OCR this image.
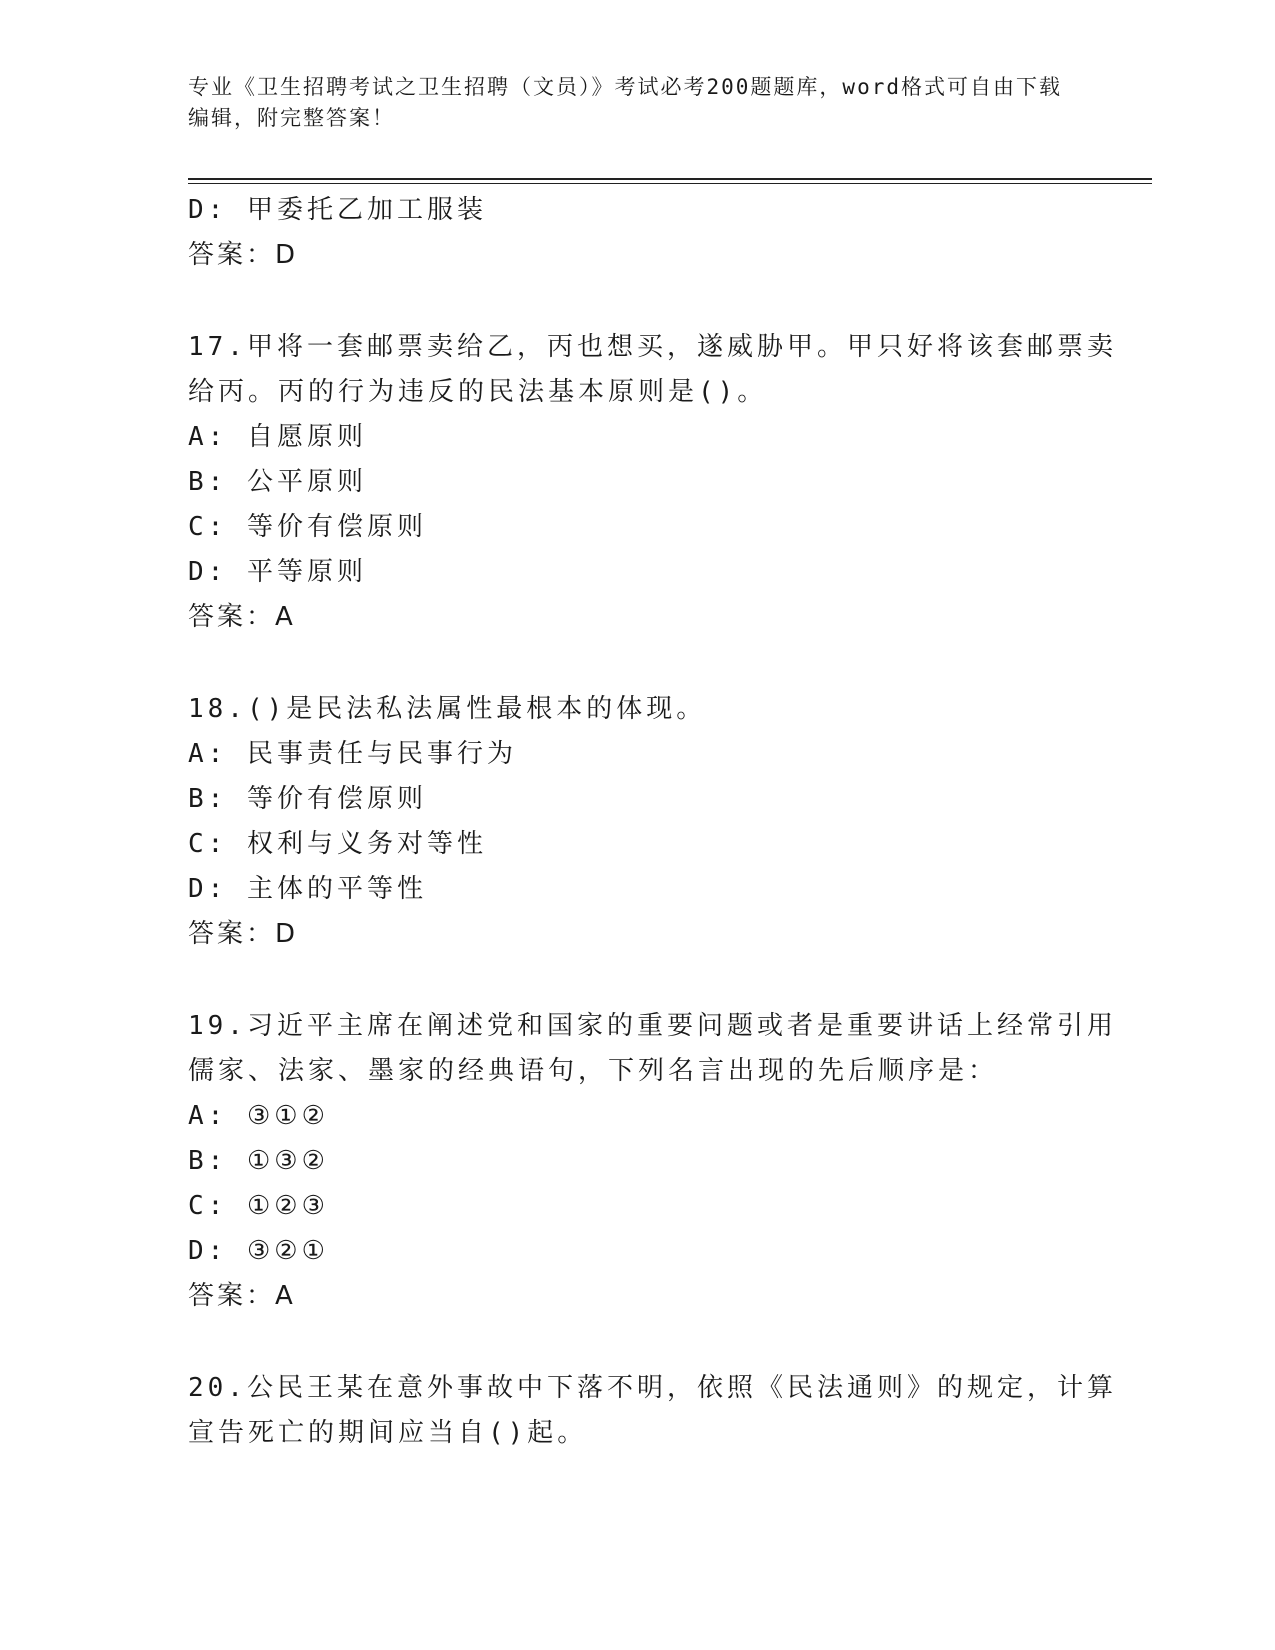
专业《卫生招聘考试之卫生招聘（文员）》考试必考200题题库，word格式可自由下载编辑，附完整答案！
D: 甲委托乙加工服装
答案：D
17.甲将一套邮票卖给乙，丙也想买，遂威胁甲。甲只好将该套邮票卖
给丙。丙的行为违反的民法基本原则是()。
A: 自愿原则
B: 公平原则
C: 等价有偿原则
D: 平等原则
答案：A
18.()是民法私法属性最根本的体现。
A: 民事责任与民事行为
B: 等价有偿原则
C: 权利与义务对等性
D: 主体的平等性
答案：D
19.习近平主席在阐述党和国家的重要问题或者是重要讲话上经常引用
儒家、法家、墨家的经典语句，下列名言出现的先后顺序是：
A: ③①②
B: ①③②
C: ①②③
D: ③②①
答案：A
20.公民王某在意外事故中下落不明，依照《民法通则》的规定，计算
宣告死亡的期间应当自()起。
